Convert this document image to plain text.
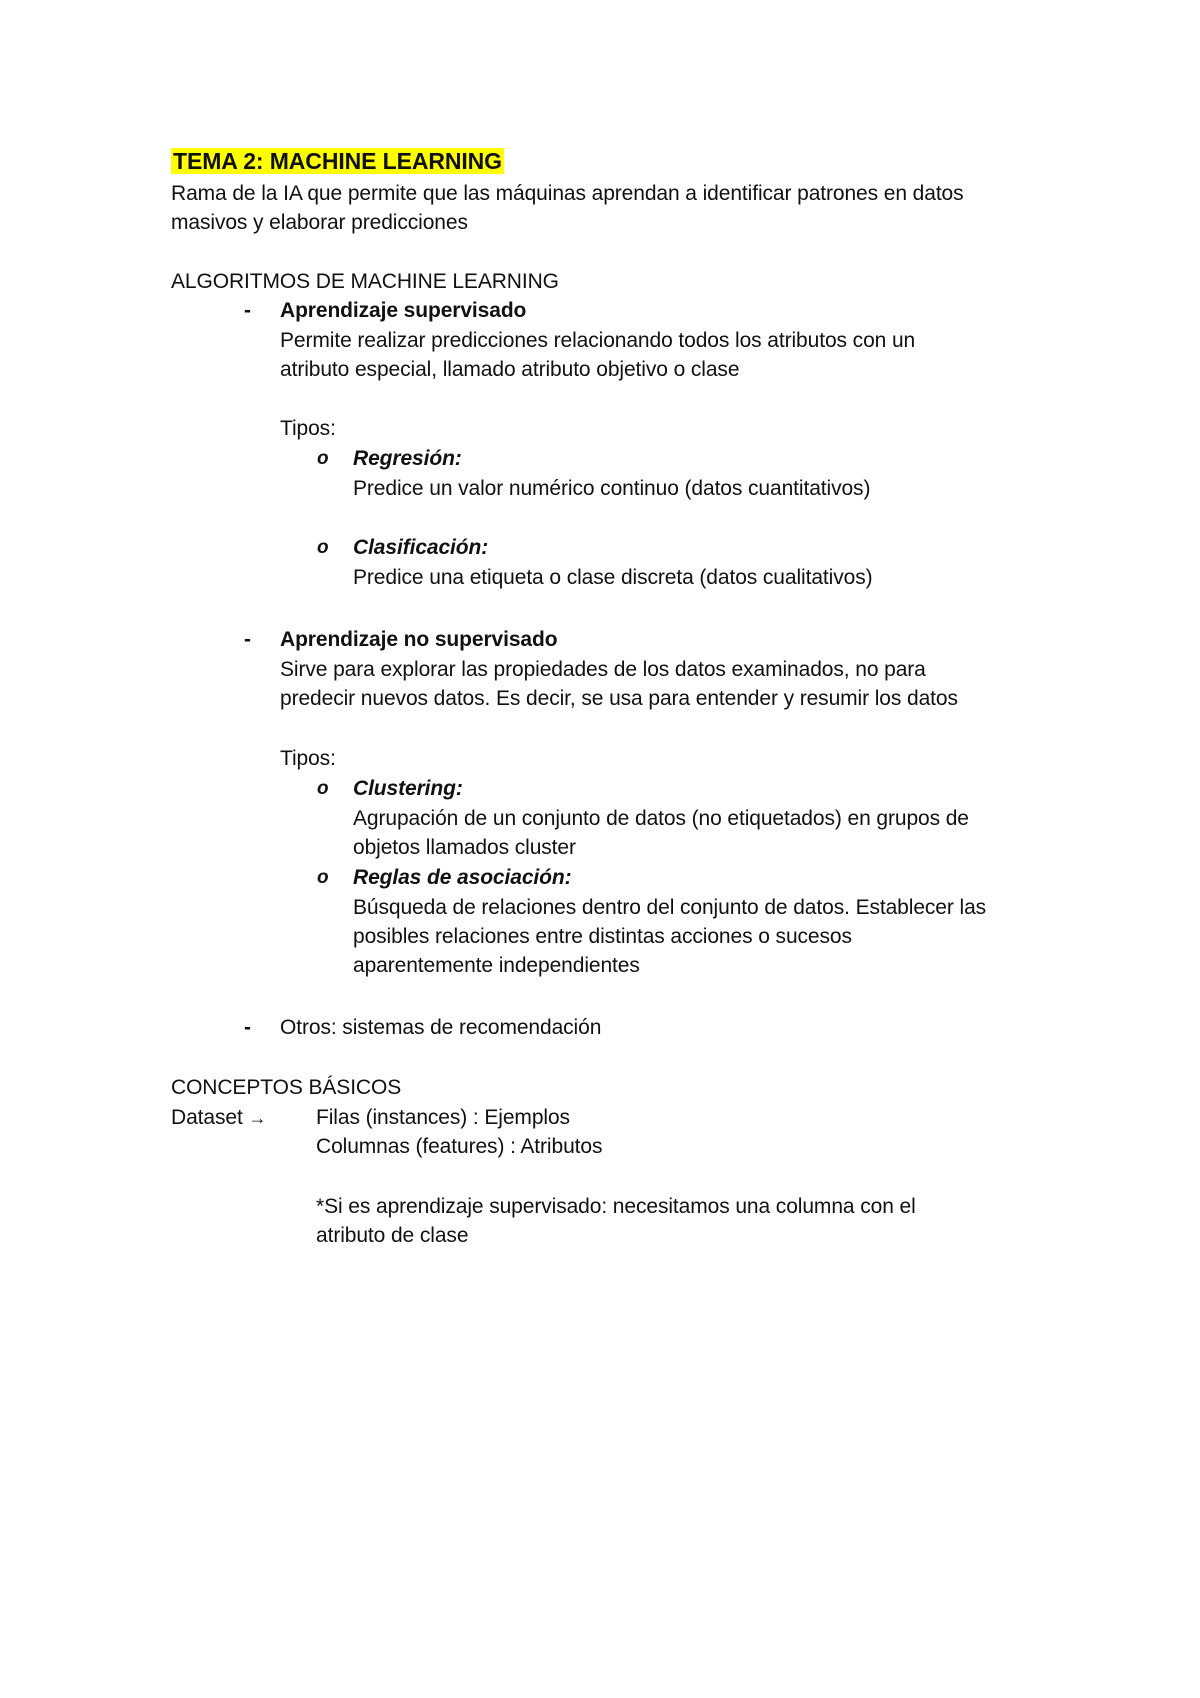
TEMA 2: MACHINE LEARNING
Rama de la IA que permite que las máquinas aprendan a identificar patrones en datos
masivos y elaborar predicciones
ALGORITMOS DE MACHINE LEARNING
- Aprendizaje supervisado
Permite realizar predicciones relacionando todos los atributos con un
atributo especial, llamado atributo objetivo o clase
Tipos:
o Regresión:
Predice un valor numérico continuo (datos cuantitativos)
o Clasificación:
Predice una etiqueta o clase discreta (datos cualitativos)
- Aprendizaje no supervisado
Sirve para explorar las propiedades de los datos examinados, no para
predecir nuevos datos. Es decir, se usa para entender y resumir los datos
Tipos:
o Clustering:
Agrupación de un conjunto de datos (no etiquetados) en grupos de
objetos llamados cluster
o Reglas de asociación:
Búsqueda de relaciones dentro del conjunto de datos. Establecer las
posibles relaciones entre distintas acciones o sucesos
aparentemente independientes
- Otros: sistemas de recomendación
CONCEPTOS BÁSICOS
Dataset → Filas (instances) : Ejemplos
Columnas (features) : Atributos
*Si es aprendizaje supervisado: necesitamos una columna con el
atributo de clase
